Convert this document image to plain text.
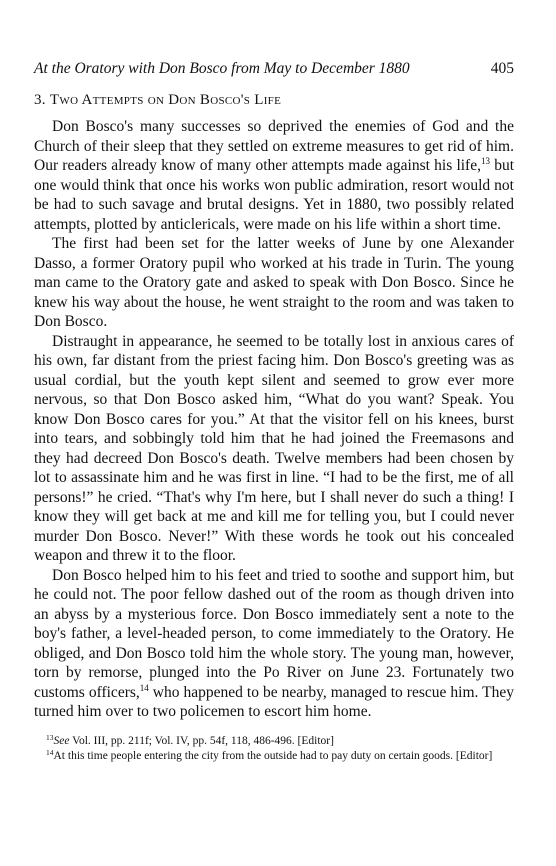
At the Oratory with Don Bosco from May to December 1880	405
3. Two Attempts on Don Bosco's Life

Don Bosco's many successes so deprived the enemies of God and the Church of their sleep that they settled on extreme measures to get rid of him. Our readers already know of many other attempts made against his life,$^{13}$ but one would think that once his works won public admiration, resort would not be had to such savage and brutal designs. Yet in 1880, two possibly related attempts, plotted by anticlericals, were made on his life within a short time.

The first had been set for the latter weeks of June by one Alexander Dasso, a former Oratory pupil who worked at his trade in Turin. The young man came to the Oratory gate and asked to speak with Don Bosco. Since he knew his way about the house, he went straight to the room and was taken to Don Bosco.

Distraught in appearance, he seemed to be totally lost in anxious cares of his own, far distant from the priest facing him. Don Bosco's greeting was as usual cordial, but the youth kept silent and seemed to grow ever more nervous, so that Don Bosco asked him, “What do you want? Speak. You know Don Bosco cares for you.” At that the visitor fell on his knees, burst into tears, and sobbingly told him that he had joined the Freemasons and they had decreed Don Bosco's death. Twelve members had been chosen by lot to assassinate him and he was first in line. “I had to be the first, me of all persons!” he cried. “That's why I'm here, but I shall never do such a thing! I know they will get back at me and kill me for telling you, but I could never murder Don Bosco. Never!” With these words he took out his concealed weapon and threw it to the floor.

Don Bosco helped him to his feet and tried to soothe and support him, but he could not. The poor fellow dashed out of the room as though driven into an abyss by a mysterious force. Don Bosco immediately sent a note to the boy's father, a level-headed person, to come immediately to the Oratory. He obliged, and Don Bosco told him the whole story. The young man, however, torn by remorse, plunged into the Po River on June 23. Fortunately two customs officers,$^{14}$ who happened to be nearby, managed to rescue him. They turned him over to two policemen to escort him home.

$^{13}$See Vol. III, pp. 211f; Vol. IV, pp. 54f, 118, 486-496. [Editor]

$^{14}$At this time people entering the city from the outside had to pay duty on certain goods. [Editor]
